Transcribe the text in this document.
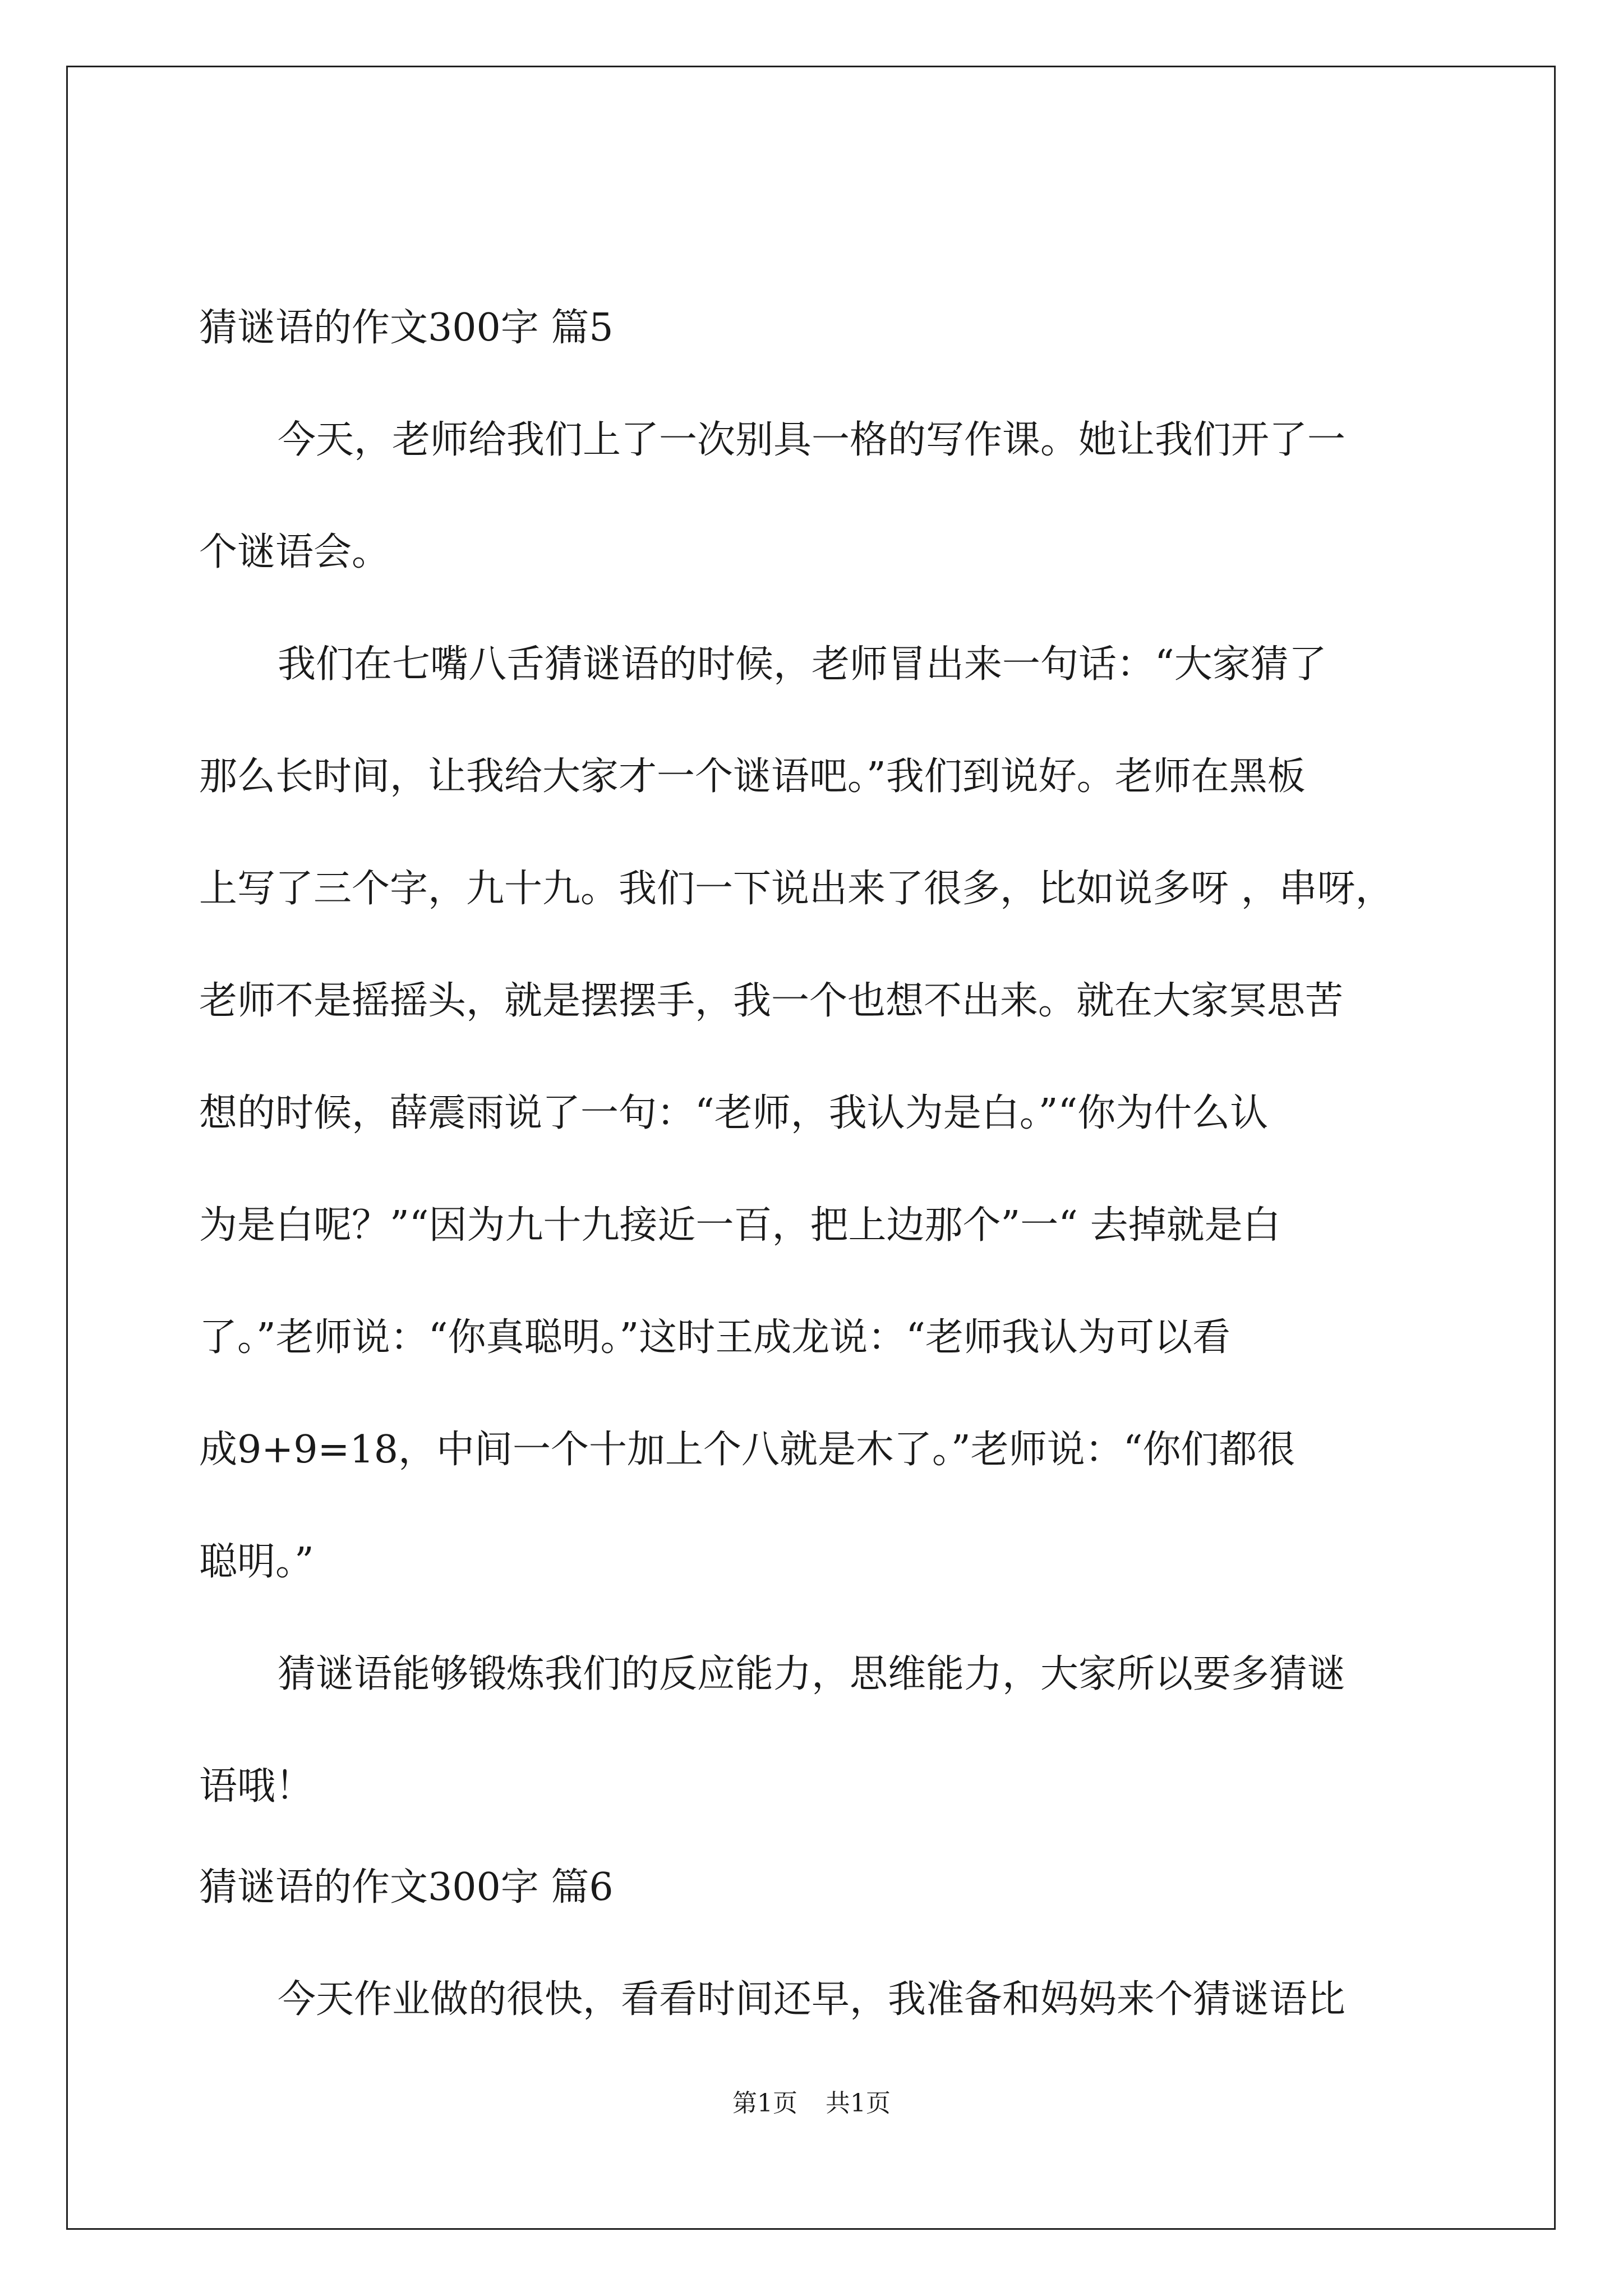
猜谜语的作文300字 篇5

今天，老师给我们上了一次别具一格的写作课。她让我们开了一

个谜语会。

我们在七嘴八舌猜谜语的时候，老师冒出来一句话：“大家猜了

那么长时间，让我给大家才一个谜语吧。”我们到说好。老师在黑板

上写了三个字，九十九。我们一下说出来了很多，比如说多呀 ，串呀，

老师不是摇摇头，就是摆摆手，我一个也想不出来。就在大家冥思苦

想的时候，薛震雨说了一句：“老师，我认为是白。”“你为什么认

为是白呢？”“因为九十九接近一百，把上边那个”一“ 去掉就是白

了。”老师说：“你真聪明。”这时王成龙说：“老师我认为可以看

成9+9=18，中间一个十加上个八就是木了。”老师说：“你们都很

聪明。”

猜谜语能够锻炼我们的反应能力，思维能力，大家所以要多猜谜

语哦！

猜谜语的作文300字 篇6

今天作业做的很快，看看时间还早，我准备和妈妈来个猜谜语比

第1页 共1页
